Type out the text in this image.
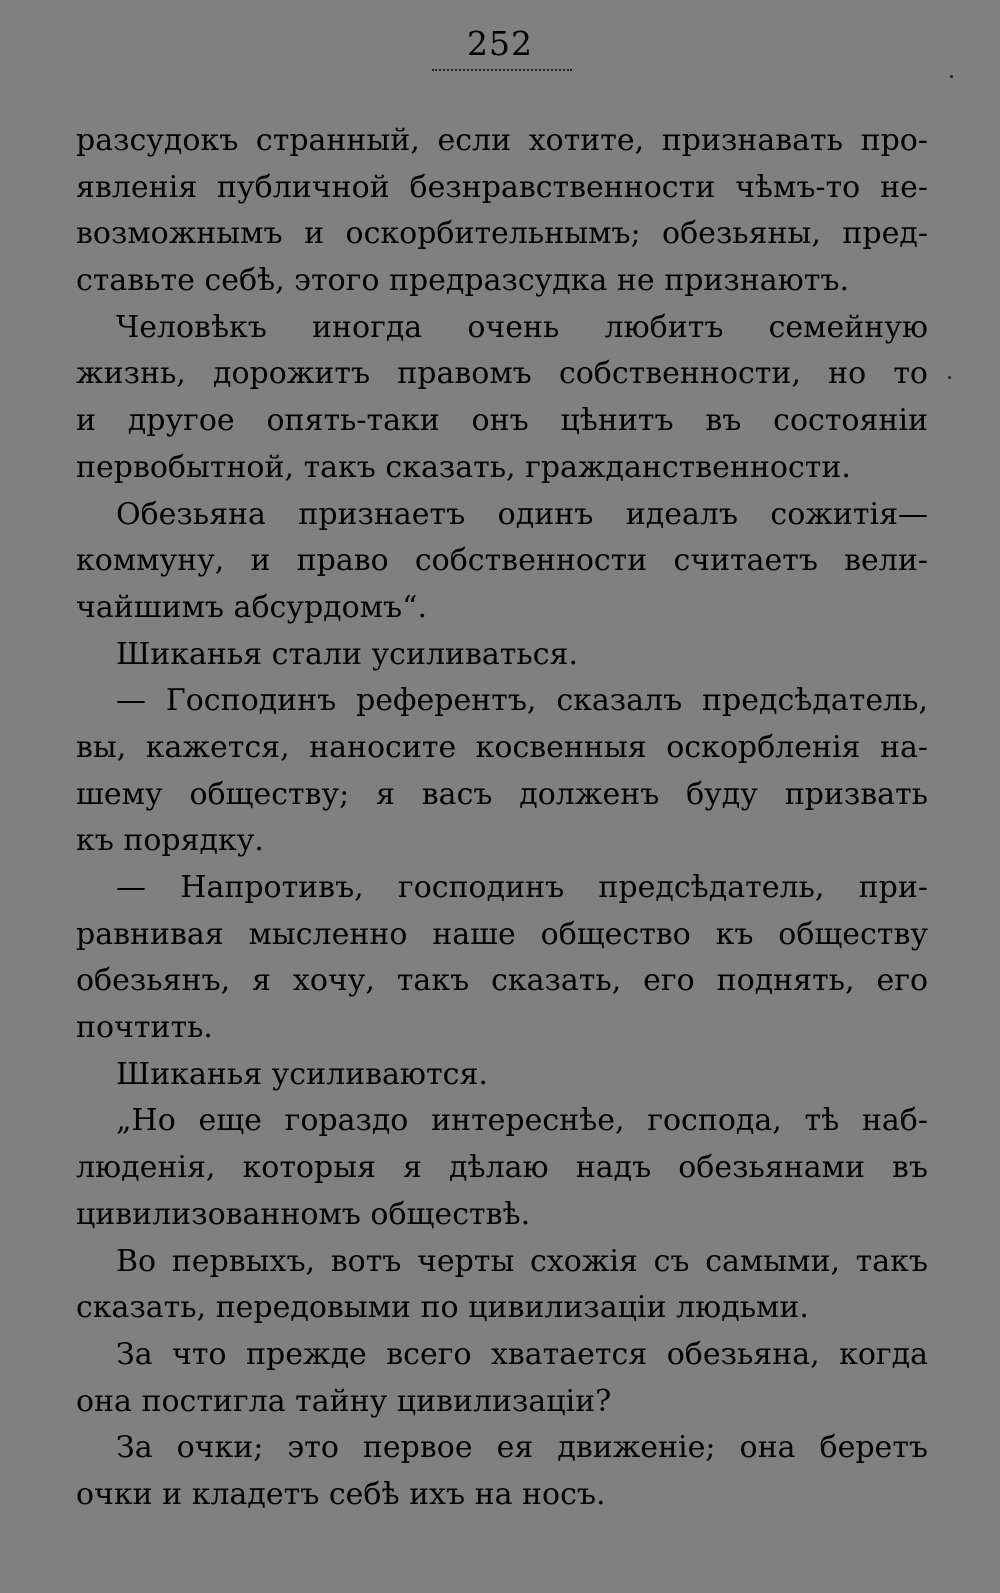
252
разсудокъ странный, если хотите, признавать про-
явленія публичной безнравственности чѣмъ-то не-
возможнымъ и оскорбительнымъ; обезьяны, пред-
ставьте себѣ, этого предразсудка не признаютъ.
Человѣкъ иногда очень любитъ семейную
жизнь, дорожитъ правомъ собственности, но то
и другое опять-таки онъ цѣнитъ въ состояніи
первобытной, такъ сказать, гражданственности.
Обезьяна признаетъ одинъ идеалъ сожитія—
коммуну, и право собственности считаетъ вели-
чайшимъ абсурдомъ“.
Шиканья стали усиливаться.
— Господинъ референтъ, сказалъ предсѣдатель,
вы, кажется, наносите косвенныя оскорбленія на-
шему обществу; я васъ долженъ буду призвать
къ порядку.
— Напротивъ, господинъ предсѣдатель, при-
равнивая мысленно наше общество къ обществу
обезьянъ, я хочу, такъ сказать, его поднять, его
почтить.
Шиканья усиливаются.
„Но еще гораздо интереснѣе, господа, тѣ наб-
люденія, которыя я дѣлаю надъ обезьянами въ
цивилизованномъ обществѣ.
Во первыхъ, вотъ черты схожія съ самыми, такъ
сказать, передовыми по цивилизаціи людьми.
За что прежде всего хватается обезьяна, когда
она постигла тайну цивилизаціи?
За очки; это первое ея движеніе; она беретъ
очки и кладетъ себѣ ихъ на носъ.
